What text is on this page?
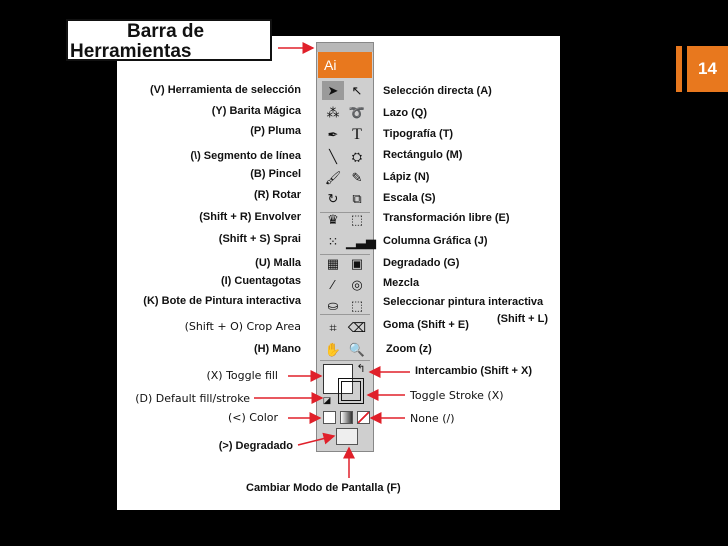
Barra de
Herramientas
14
Ai
➤	↖
⁂ ➰
✒ T
╲	⛭
🖌 ✎
↻	⧉
♛ ⬚
⁙ ▁▃▅
▦ ▣
⁄	◎
⛀ ⬚
⌗ ⌫
✋ 🔍
↰
◪
(V) Herramienta de selección
(Y) Barita Mágica
(P) Pluma
(\) Segmento de línea
(B) Pincel
(R) Rotar
(Shift + R) Envolver
(Shift + S) Sprai
(U) Malla
(I) Cuentagotas
(K) Bote de Pintura interactiva
(Shift + O) Crop Area
(H) Mano
(X) Toggle fill
(D) Default fill/stroke
(<) Color
(>) Degradado
Selección directa (A)
Lazo (Q)
Tipografía (T)
Rectángulo (M)
Lápiz (N)
Escala (S)
Transformación libre (E)
Columna Gráfica (J)
Degradado (G)
Mezcla
Seleccionar pintura interactiva
(Shift + L)
Goma (Shift + E)
Zoom (z)
Intercambio (Shift + X)
Toggle Stroke (X)
None (/)
Cambiar Modo de Pantalla (F)
